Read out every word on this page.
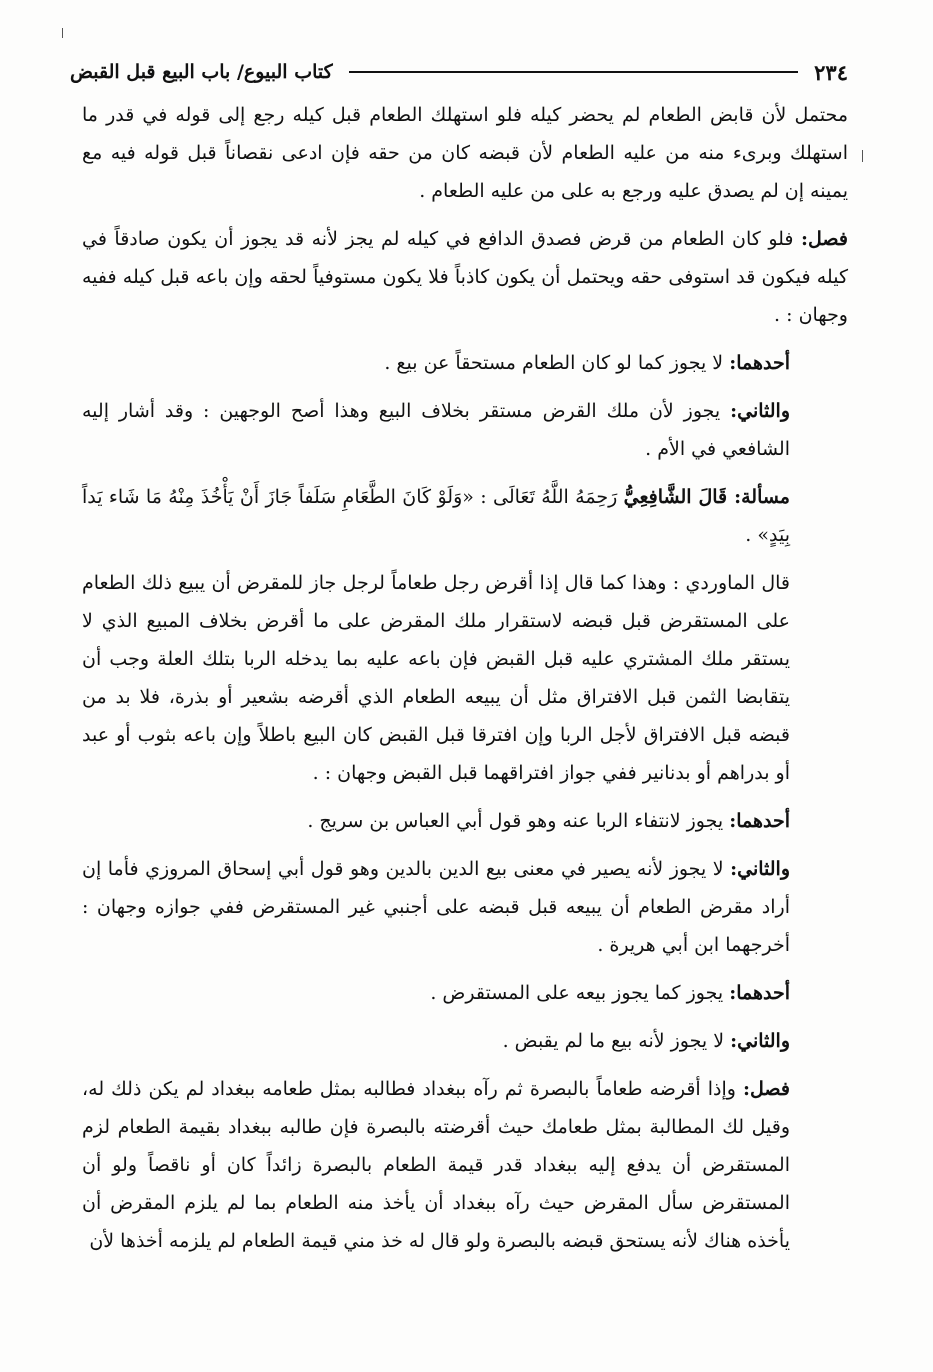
٢٣٤
كتاب البيوع/ باب البيع قبل القبض

محتمل لأن قابض الطعام لم يحضر كيله فلو استهلك الطعام قبل كيله رجع إلى قوله في قدر ما استهلك وبرىء منه من عليه الطعام لأن قبضه كان من حقه فإن ادعى نقصاناً قبل قوله فيه مع يمينه إن لم يصدق عليه ورجع به على من عليه الطعام .

فصل: فلو كان الطعام من قرض فصدق الدافع في كيله لم يجز لأنه قد يجوز أن يكون صادقاً في كيله فيكون قد استوفى حقه ويحتمل أن يكون كاذباً فلا يكون مستوفياً لحقه وإن باعه قبل كيله ففيه وجهان : .

أحدهما: لا يجوز كما لو كان الطعام مستحقاً عن بيع .

والثاني: يجوز لأن ملك القرض مستقر بخلاف البيع وهذا أصح الوجهين : وقد أشار إليه الشافعي في الأم .

مسألة: قَالَ الشَّافِعِيُّ رَحِمَهُ اللَّهُ تَعَالَى : «وَلَوْ كَانَ الطَّعَامِ سَلَفاً جَازَ أَنْ يَأْخُذَ مِنْهُ مَا شَاء يَداً بِيَدٍ» .

قال الماوردي : وهذا كما قال إذا أقرض رجل طعاماً لرجل جاز للمقرض أن يبيع ذلك الطعام على المستقرض قبل قبضه لاستقرار ملك المقرض على ما أقرض بخلاف المبيع الذي لا يستقر ملك المشتري عليه قبل القبض فإن باعه عليه بما يدخله الربا بتلك العلة وجب أن يتقابضا الثمن قبل الافتراق مثل أن يبيعه الطعام الذي أقرضه بشعير أو بذرة، فلا بد من قبضه قبل الافتراق لأجل الربا وإن افترقا قبل القبض كان البيع باطلاً وإن باعه بثوب أو عبد أو بدراهم أو بدنانير ففي جواز افتراقهما قبل القبض وجهان : .

أحدهما: يجوز لانتفاء الربا عنه وهو قول أبي العباس بن سريج .

والثاني: لا يجوز لأنه يصير في معنى بيع الدين بالدين وهو قول أبي إسحاق المروزي فأما إن أراد مقرض الطعام أن يبيعه قبل قبضه على أجنبي غير المستقرض ففي جوازه وجهان : أخرجهما ابن أبي هريرة .

أحدهما: يجوز كما يجوز بيعه على المستقرض .

والثاني: لا يجوز لأنه بيع ما لم يقبض .

فصل: وإذا أقرضه طعاماً بالبصرة ثم رآه ببغداد فطالبه بمثل طعامه ببغداد لم يكن ذلك له، وقيل لك المطالبة بمثل طعامك حيث أقرضته بالبصرة فإن طالبه ببغداد بقيمة الطعام لزم المستقرض أن يدفع إليه ببغداد قدر قيمة الطعام بالبصرة زائداً كان أو ناقصاً ولو أن المستقرض سأل المقرض حيث رآه ببغداد أن يأخذ منه الطعام بما لم يلزم المقرض أن يأخذه هناك لأنه يستحق قبضه بالبصرة ولو قال له خذ مني قيمة الطعام لم يلزمه أخذها لأن
